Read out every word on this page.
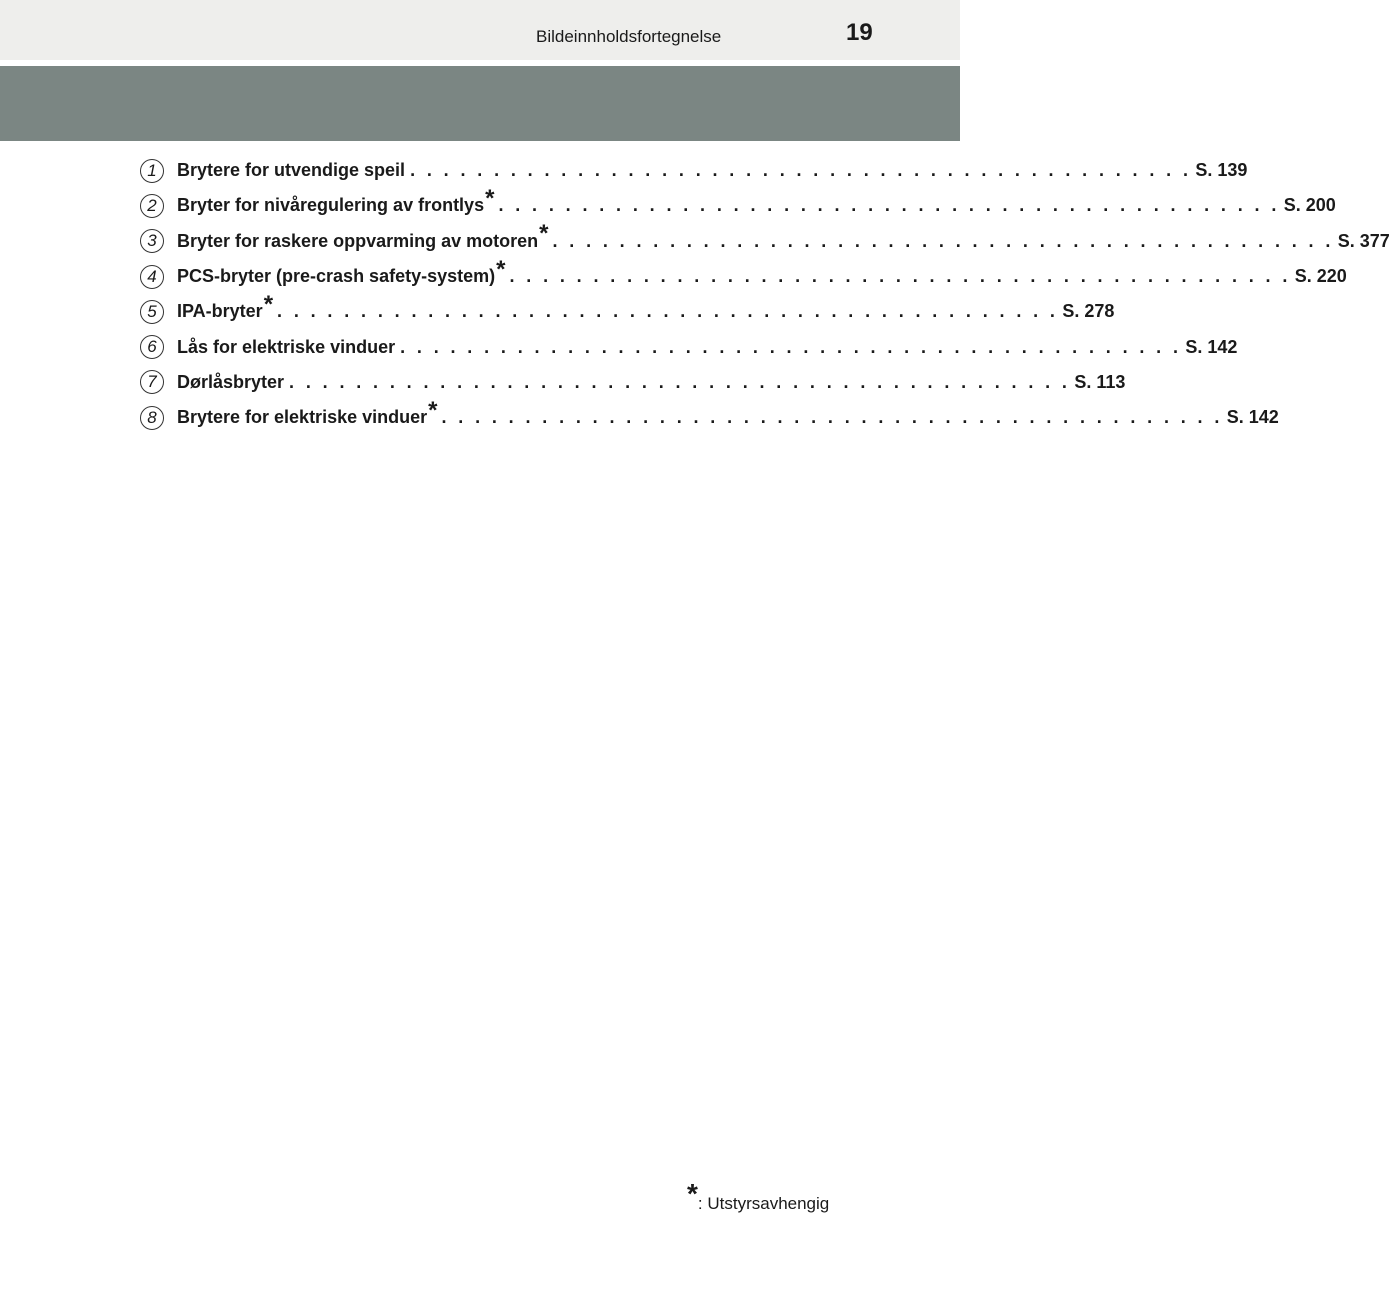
Bildeinnholdsfortegnelse	19
1	Brytere for utvendige speil . . . . . . . . . . . . . . . . . . . . . . . . . . . . . . . . . . . . . . . . . . . . . . . S. 139
2	Bryter for nivåregulering av frontlys * . . . . . . . . . . . . . . . . . . . . . . . . . . . . . . . . . . . . . . . . . . . . . . . S. 200
3	Bryter for raskere oppvarming av motoren * . . . . . . . . . . . . . . . . . . . . . . . . . . . . . . . . . . . . . . . . . . . . . . . S. 377
4	PCS-bryter (pre-crash safety-system) * . . . . . . . . . . . . . . . . . . . . . . . . . . . . . . . . . . . . . . . . . . . . . . . S. 220
5	IPA-bryter * . . . . . . . . . . . . . . . . . . . . . . . . . . . . . . . . . . . . . . . . . . . . . . . S. 278
6	Lås for elektriske vinduer . . . . . . . . . . . . . . . . . . . . . . . . . . . . . . . . . . . . . . . . . . . . . . . S. 142
7	Dørlåsbryter . . . . . . . . . . . . . . . . . . . . . . . . . . . . . . . . . . . . . . . . . . . . . . . S. 113
8	Brytere for elektriske vinduer * . . . . . . . . . . . . . . . . . . . . . . . . . . . . . . . . . . . . . . . . . . . . . . . S. 142
* : Utstyrsavhengig
